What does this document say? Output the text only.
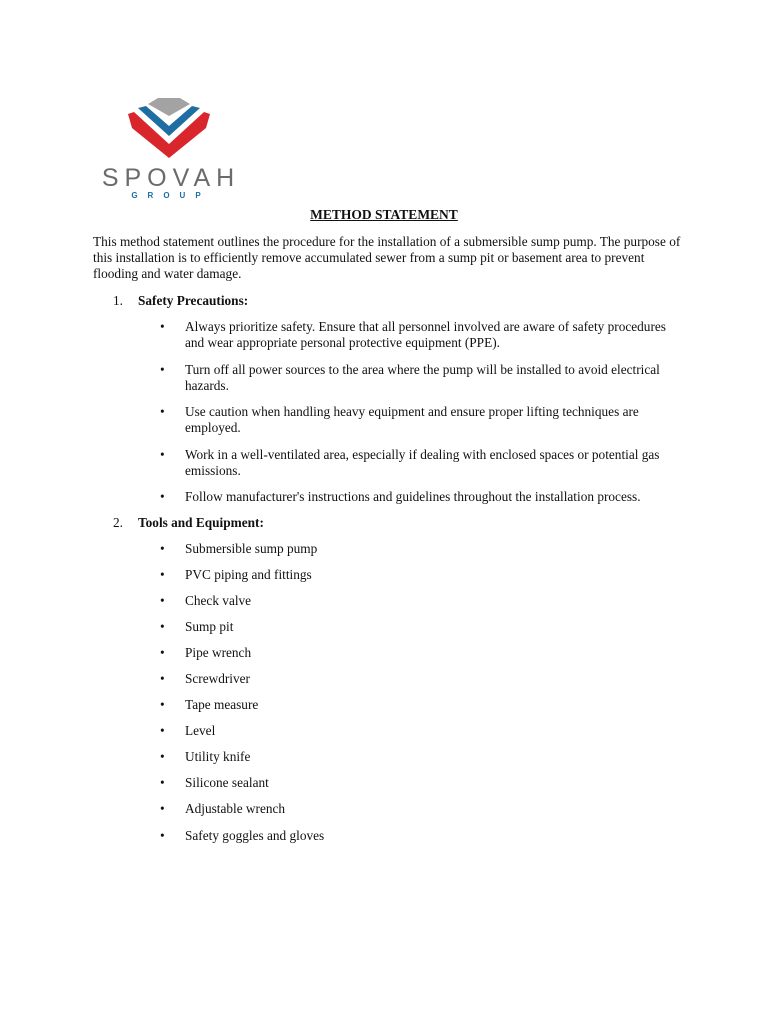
SPOVAH
GROUP
METHOD STATEMENT

This method statement outlines the procedure for the installation of a submersible sump pump. The purpose of this installation is to efficiently remove accumulated sewer from a sump pit or basement area to prevent flooding and water damage.

1. Safety Precautions:

• Always prioritize safety. Ensure that all personnel involved are aware of safety procedures and wear appropriate personal protective equipment (PPE).
• Turn off all power sources to the area where the pump will be installed to avoid electrical hazards.
• Use caution when handling heavy equipment and ensure proper lifting techniques are employed.
• Work in a well-ventilated area, especially if dealing with enclosed spaces or potential gas emissions.
• Follow manufacturer's instructions and guidelines throughout the installation process.

2. Tools and Equipment:

• Submersible sump pump
• PVC piping and fittings
• Check valve
• Sump pit
• Pipe wrench
• Screwdriver
• Tape measure
• Level
• Utility knife
• Silicone sealant
• Adjustable wrench
• Safety goggles and gloves
